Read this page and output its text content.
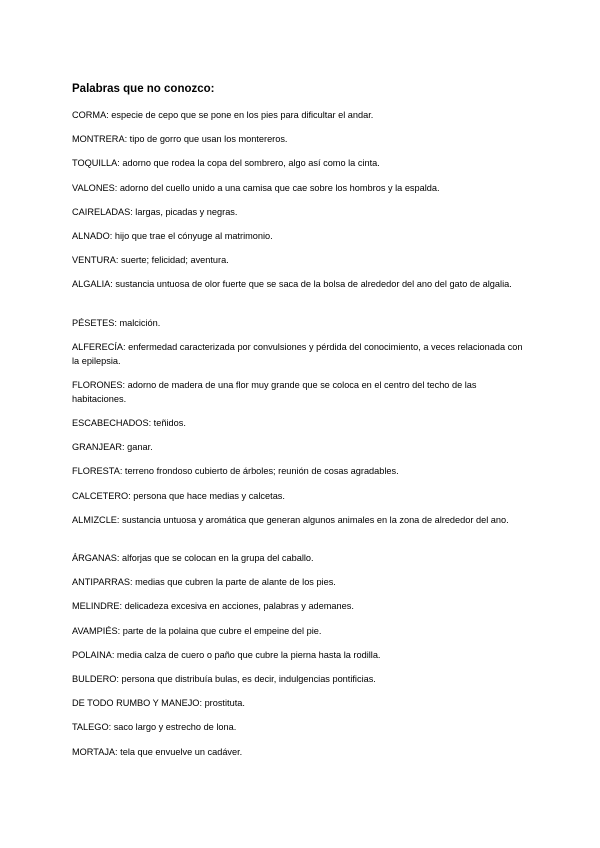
Palabras que no conozco:
CORMA: especie de cepo que se pone en los pies para dificultar el andar.
MONTRERA: tipo de gorro que usan los montereros.
TOQUILLA: adorno que rodea la copa del sombrero, algo así como la cinta.
VALONES: adorno del cuello unido a una camisa que cae sobre los hombros y la espalda.
CAIRELADAS: largas, picadas y negras.
ALNADO: hijo que trae el cónyuge al matrimonio.
VENTURA: suerte; felicidad; aventura.
ALGALIA: sustancia untuosa de olor fuerte que se saca de la bolsa de alrededor del ano del gato de algalia.
PÉSETES: malcición.
ALFERECÍA: enfermedad caracterizada por convulsiones y pérdida del conocimiento, a veces relacionada con la epilepsia.
FLORONES: adorno de madera de una flor muy grande que se coloca en el centro del techo de las habitaciones.
ESCABECHADOS: teñidos.
GRANJEAR: ganar.
FLORESTA: terreno frondoso cubierto de árboles; reunión de cosas agradables.
CALCETERO: persona que hace medias y calcetas.
ALMIZCLE: sustancia untuosa y aromática que generan algunos animales en la zona de alrededor del ano.
ÁRGANAS: alforjas que se colocan en la grupa del caballo.
ANTIPARRAS: medias que cubren la parte de alante de los pies.
MELINDRE: delicadeza excesiva en acciones, palabras y ademanes.
AVAMPIÉS: parte de la polaina que cubre el empeine del pie.
POLAINA: media calza de cuero o paño que cubre la pierna hasta la rodilla.
BULDERO: persona que distribuía bulas, es decir, indulgencias pontificias.
DE TODO RUMBO Y MANEJO: prostituta.
TALEGO: saco largo y estrecho de lona.
MORTAJA: tela que envuelve un cadáver.
